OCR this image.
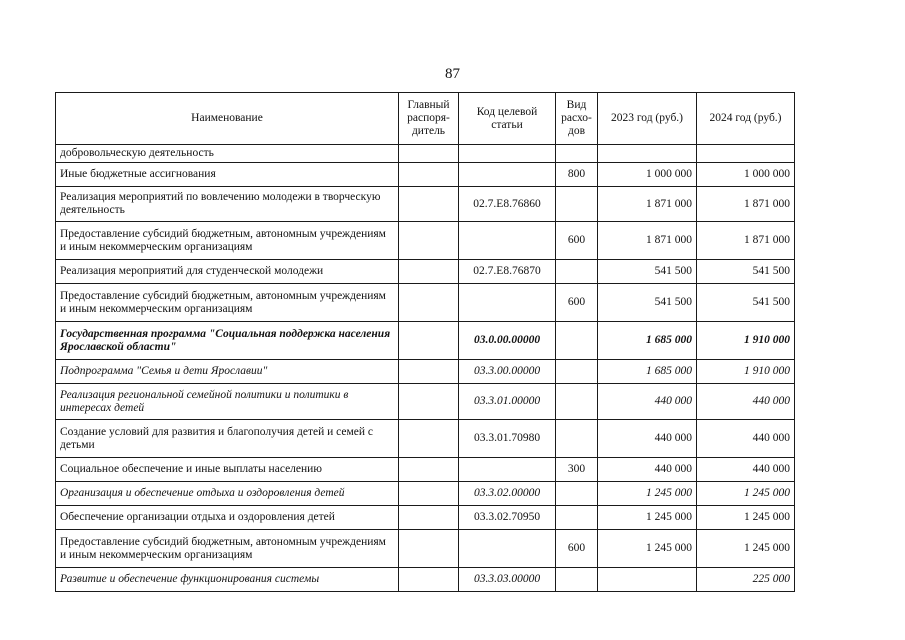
87
Наименование	Главный распоря-дитель	Код целевой статьи	Вид расхо-дов	2023 год (руб.)	2024 год (руб.)
добровольческую деятельность					
Иные бюджетные ассигнования			800	1 000 000	1 000 000
Реализация мероприятий по вовлечению молодежи в творческую деятельность		02.7.Е8.76860		1 871 000	1 871 000
Предоставление субсидий бюджетным, автономным учреждениям и иным некоммерческим организациям			600	1 871 000	1 871 000
Реализация мероприятий для студенческой молодежи		02.7.Е8.76870		541 500	541 500
Предоставление субсидий бюджетным, автономным учреждениям и иным некоммерческим организациям			600	541 500	541 500
Государственная программа "Социальная поддержка населения Ярославской области"		03.0.00.00000		1 685 000	1 910 000
Подпрограмма "Семья и дети Ярославии"		03.3.00.00000		1 685 000	1 910 000
Реализация региональной семейной политики и политики в интересах детей		03.3.01.00000		440 000	440 000
Создание условий для развития и благополучия детей и семей с детьми		03.3.01.70980		440 000	440 000
Социальное обеспечение и иные выплаты населению			300	440 000	440 000
Организация и обеспечение отдыха и оздоровления детей		03.3.02.00000		1 245 000	1 245 000
Обеспечение организации отдыха и оздоровления детей		03.3.02.70950		1 245 000	1 245 000
Предоставление субсидий бюджетным, автономным учреждениям и иным некоммерческим организациям			600	1 245 000	1 245 000
Развитие и обеспечение функционирования системы		03.3.03.00000			225 000
